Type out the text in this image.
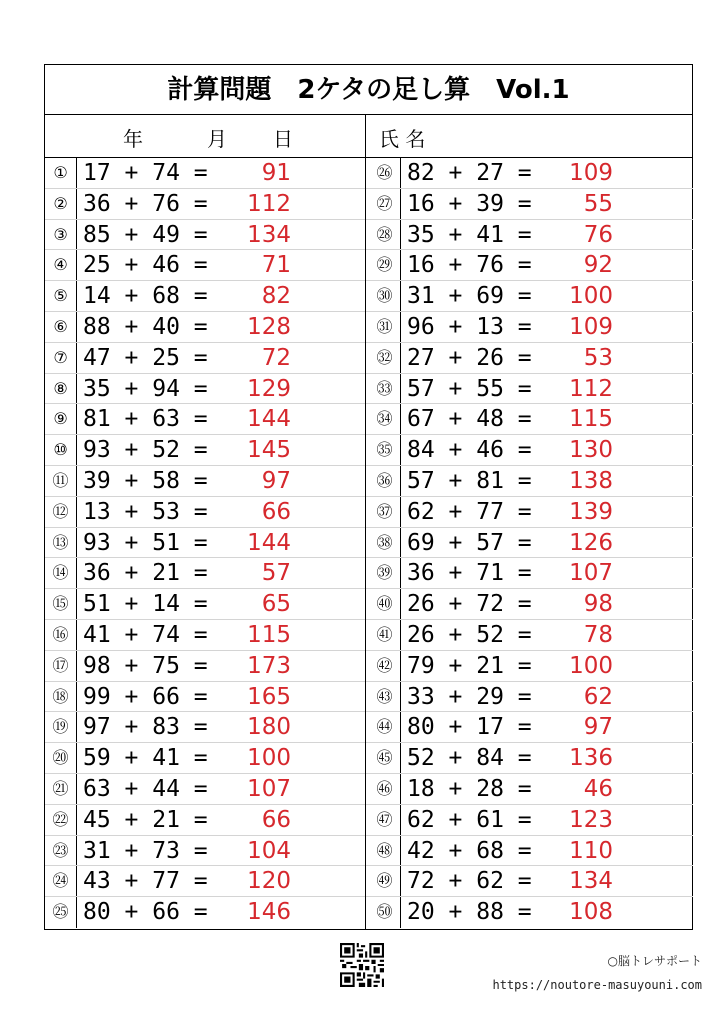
計算問題　2ケタの足し算　Vol.1
年	月 日	氏 名
① 17 + 74 = 91
② 36 + 76 = 112
③ 85 + 49 = 134
④ 25 + 46 = 71
⑤ 14 + 68 = 82
⑥ 88 + 40 = 128
⑦ 47 + 25 = 72
⑧ 35 + 94 = 129
⑨ 81 + 63 = 144
⑩ 93 + 52 = 145
⑪ 39 + 58 = 97
⑫ 13 + 53 = 66
⑬ 93 + 51 = 144
⑭ 36 + 21 = 57
⑮ 51 + 14 = 65
⑯ 41 + 74 = 115
⑰ 98 + 75 = 173
⑱ 99 + 66 = 165
⑲ 97 + 83 = 180
⑳ 59 + 41 = 100
㉑ 63 + 44 = 107
㉒ 45 + 21 = 66
㉓ 31 + 73 = 104
㉔ 43 + 77 = 120
㉕ 80 + 66 = 146
㉖ 82 + 27 = 109
㉗ 16 + 39 = 55
㉘ 35 + 41 = 76
㉙ 16 + 76 = 92
㉚ 31 + 69 = 100
㉛ 96 + 13 = 109
㉜ 27 + 26 = 53
㉝ 57 + 55 = 112
㉞ 67 + 48 = 115
㉟ 84 + 46 = 130
㊱ 57 + 81 = 138
㊲ 62 + 77 = 139
㊳ 69 + 57 = 126
㊴ 36 + 71 = 107
㊵ 26 + 72 = 98
㊶ 26 + 52 = 78
㊷ 79 + 21 = 100
㊸ 33 + 29 = 62
㊹ 80 + 17 = 97
㊺ 52 + 84 = 136
㊻ 18 + 28 = 46
㊼ 62 + 61 = 123
㊽ 42 + 68 = 110
㊾ 72 + 62 = 134
㊿ 20 + 88 = 108
○脳トレサポート
https://noutore-masuyouni.com
